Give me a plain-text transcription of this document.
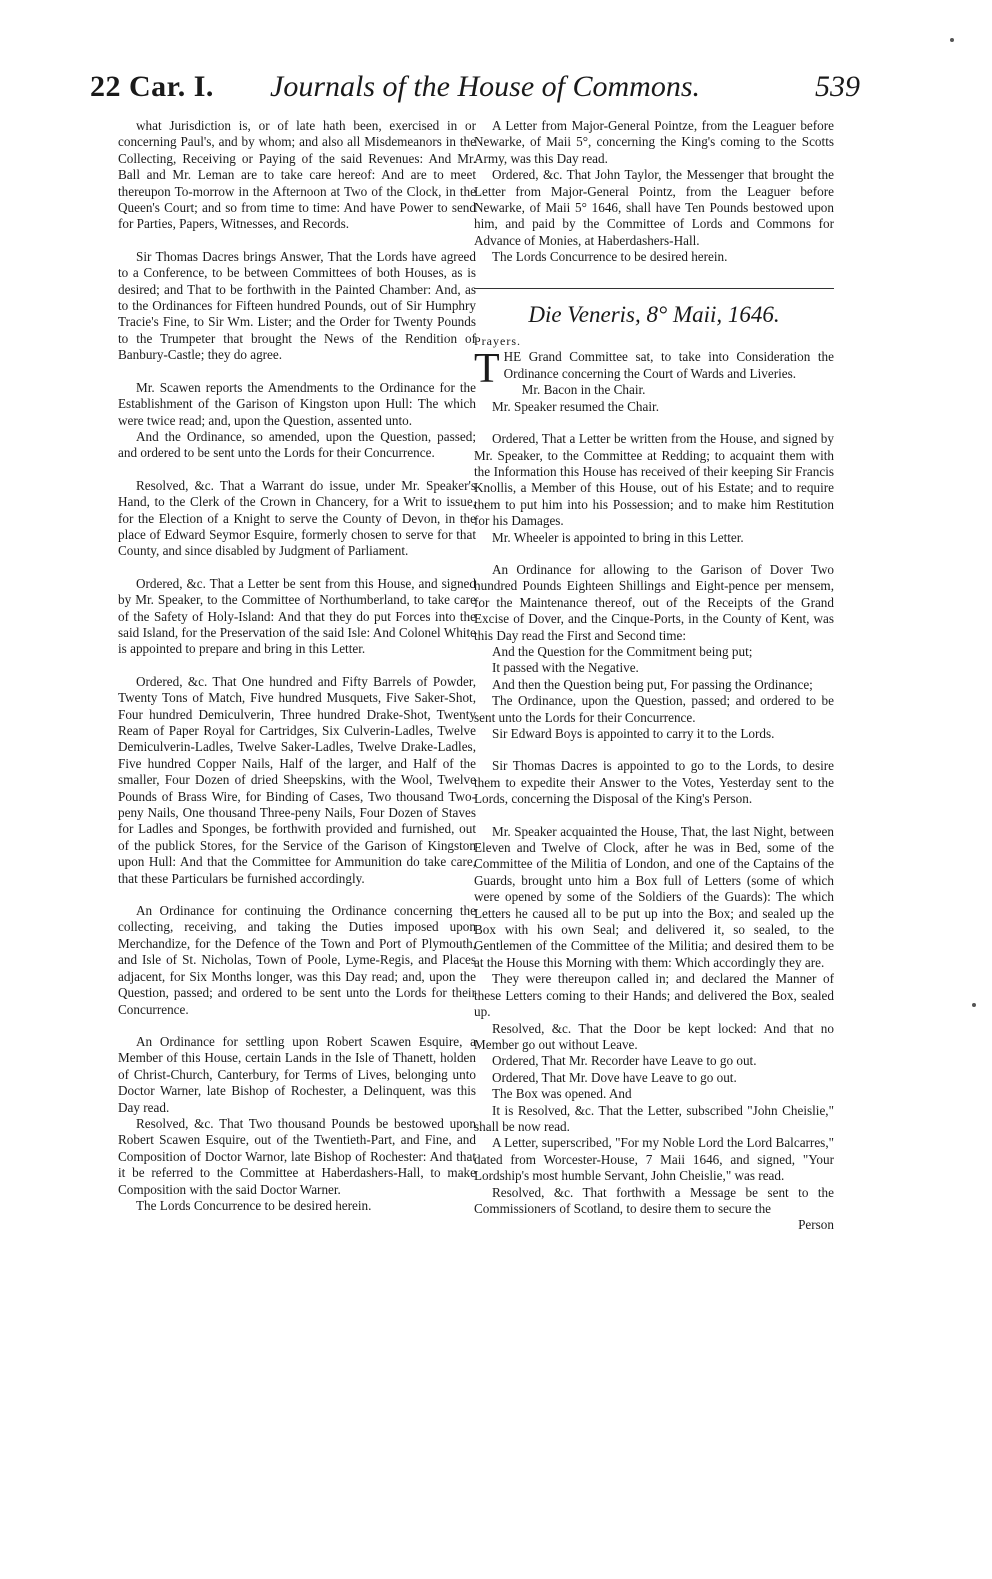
22 Car. I. Journals of the House of Commons.	539

what Jurisdiction is, or of late hath been, exercised in or concerning Paul's, and by whom; and also all Misdemeanors in the Collecting, Receiving or Paying of the said Revenues: And Mr. Ball and Mr. Leman are to take care hereof: And are to meet thereupon To-morrow in the Afternoon at Two of the Clock, in the Queen's Court; and so from time to time: And have Power to send for Parties, Papers, Witnesses, and Records.

Sir Thomas Dacres brings Answer, That the Lords have agreed to a Conference, to be between Committees of both Houses, as is desired; and That to be forthwith in the Painted Chamber: And, as to the Ordinances for Fifteen hundred Pounds, out of Sir Humphry Tracie's Fine, to Sir Wm. Lister; and the Order for Twenty Pounds to the Trumpeter that brought the News of the Rendition of Banbury-Castle; they do agree.

Mr. Scawen reports the Amendments to the Ordinance for the Establishment of the Garison of Kingston upon Hull: The which were twice read; and, upon the Question, assented unto.

And the Ordinance, so amended, upon the Question, passed; and ordered to be sent unto the Lords for their Concurrence.

Resolved, &c. That a Warrant do issue, under Mr. Speaker's Hand, to the Clerk of the Crown in Chancery, for a Writ to issue, for the Election of a Knight to serve the County of Devon, in the place of Edward Seymor Esquire, formerly chosen to serve for that County, and since disabled by Judgment of Parliament.

Ordered, &c. That a Letter be sent from this House, and signed by Mr. Speaker, to the Committee of Northumberland, to take care of the Safety of Holy-Island: And that they do put Forces into the said Island, for the Preservation of the said Isle: And Colonel White is appointed to prepare and bring in this Letter.

Ordered, &c. That One hundred and Fifty Barrels of Powder, Twenty Tons of Match, Five hundred Musquets, Five Saker-Shot, Four hundred Demiculverin, Three hundred Drake-Shot, Twenty Ream of Paper Royal for Cartridges, Six Culverin-Ladles, Twelve Demiculverin-Ladles, Twelve Saker-Ladles, Twelve Drake-Ladles, Five hundred Copper Nails, Half of the larger, and Half of the smaller, Four Dozen of dried Sheepskins, with the Wool, Twelve Pounds of Brass Wire, for Binding of Cases, Two thousand Two-peny Nails, One thousand Three-peny Nails, Four Dozen of Staves for Ladles and Sponges, be forthwith provided and furnished, out of the publick Stores, for the Service of the Garison of Kingston upon Hull: And that the Committee for Ammunition do take care, that these Particulars be furnished accordingly.

An Ordinance for continuing the Ordinance concerning the collecting, receiving, and taking the Duties imposed upon Merchandize, for the Defence of the Town and Port of Plymouth, and Isle of St. Nicholas, Town of Poole, Lyme-Regis, and Places adjacent, for Six Months longer, was this Day read; and, upon the Question, passed; and ordered to be sent unto the Lords for their Concurrence.

An Ordinance for settling upon Robert Scawen Esquire, a Member of this House, certain Lands in the Isle of Thanett, holden of Christ-Church, Canterbury, for Terms of Lives, belonging unto Doctor Warner, late Bishop of Rochester, a Delinquent, was this Day read.

Resolved, &c. That Two thousand Pounds be bestowed upon Robert Scawen Esquire, out of the Twentieth-Part, and Fine, and Composition of Doctor Warnor, late Bishop of Rochester: And that it be referred to the Committee at Haberdashers-Hall, to make Composition with the said Doctor Warner.

The Lords Concurrence to be desired herein.

A Letter from Major-General Pointze, from the Leaguer before Newarke, of Maii 5°, concerning the King's coming to the Scotts Army, was this Day read.

Ordered, &c. That John Taylor, the Messenger that brought the Letter from Major-General Pointz, from the Leaguer before Newarke, of Maii 5° 1646, shall have Ten Pounds bestowed upon him, and paid by the Committee of Lords and Commons for Advance of Monies, at Haberdashers-Hall.

The Lords Concurrence to be desired herein.

Die Veneris, 8° Maii, 1646.

Prayers.

THE Grand Committee sat, to take into Consideration the Ordinance concerning the Court of Wards and Liveries.

Mr. Bacon in the Chair.

Mr. Speaker resumed the Chair.

Ordered, That a Letter be written from the House, and signed by Mr. Speaker, to the Committee at Redding; to acquaint them with the Information this House has received of their keeping Sir Francis Knollis, a Member of this House, out of his Estate; and to require them to put him into his Possession; and to make him Restitution for his Damages.

Mr. Wheeler is appointed to bring in this Letter.

An Ordinance for allowing to the Garison of Dover Two hundred Pounds Eighteen Shillings and Eight-pence per mensem, for the Maintenance thereof, out of the Receipts of the Grand Excise of Dover, and the Cinque-Ports, in the County of Kent, was this Day read the First and Second time:

And the Question for the Commitment being put;

It passed with the Negative.

And then the Question being put, For passing the Ordinance;

The Ordinance, upon the Question, passed; and ordered to be sent unto the Lords for their Concurrence.

Sir Edward Boys is appointed to carry it to the Lords.

Sir Thomas Dacres is appointed to go to the Lords, to desire them to expedite their Answer to the Votes, Yesterday sent to the Lords, concerning the Disposal of the King's Person.

Mr. Speaker acquainted the House, That, the last Night, between Eleven and Twelve of Clock, after he was in Bed, some of the Committee of the Militia of London, and one of the Captains of the Guards, brought unto him a Box full of Letters (some of which were opened by some of the Soldiers of the Guards): The which Letters he caused all to be put up into the Box; and sealed up the Box with his own Seal; and delivered it, so sealed, to the Gentlemen of the Committee of the Militia; and desired them to be at the House this Morning with them: Which accordingly they are.

They were thereupon called in; and declared the Manner of these Letters coming to their Hands; and delivered the Box, sealed up.

Resolved, &c. That the Door be kept locked: And that no Member go out without Leave.

Ordered, That Mr. Recorder have Leave to go out.

Ordered, That Mr. Dove have Leave to go out.

The Box was opened. And

It is Resolved, &c. That the Letter, subscribed "John Cheislie," shall be now read.

A Letter, superscribed, "For my Noble Lord the Lord Balcarres," dated from Worcester-House, 7 Maii 1646, and signed, "Your Lordship's most humble Servant, John Cheislie," was read.

Resolved, &c. That forthwith a Message be sent to the Commissioners of Scotland, to desire them to secure the

Person
